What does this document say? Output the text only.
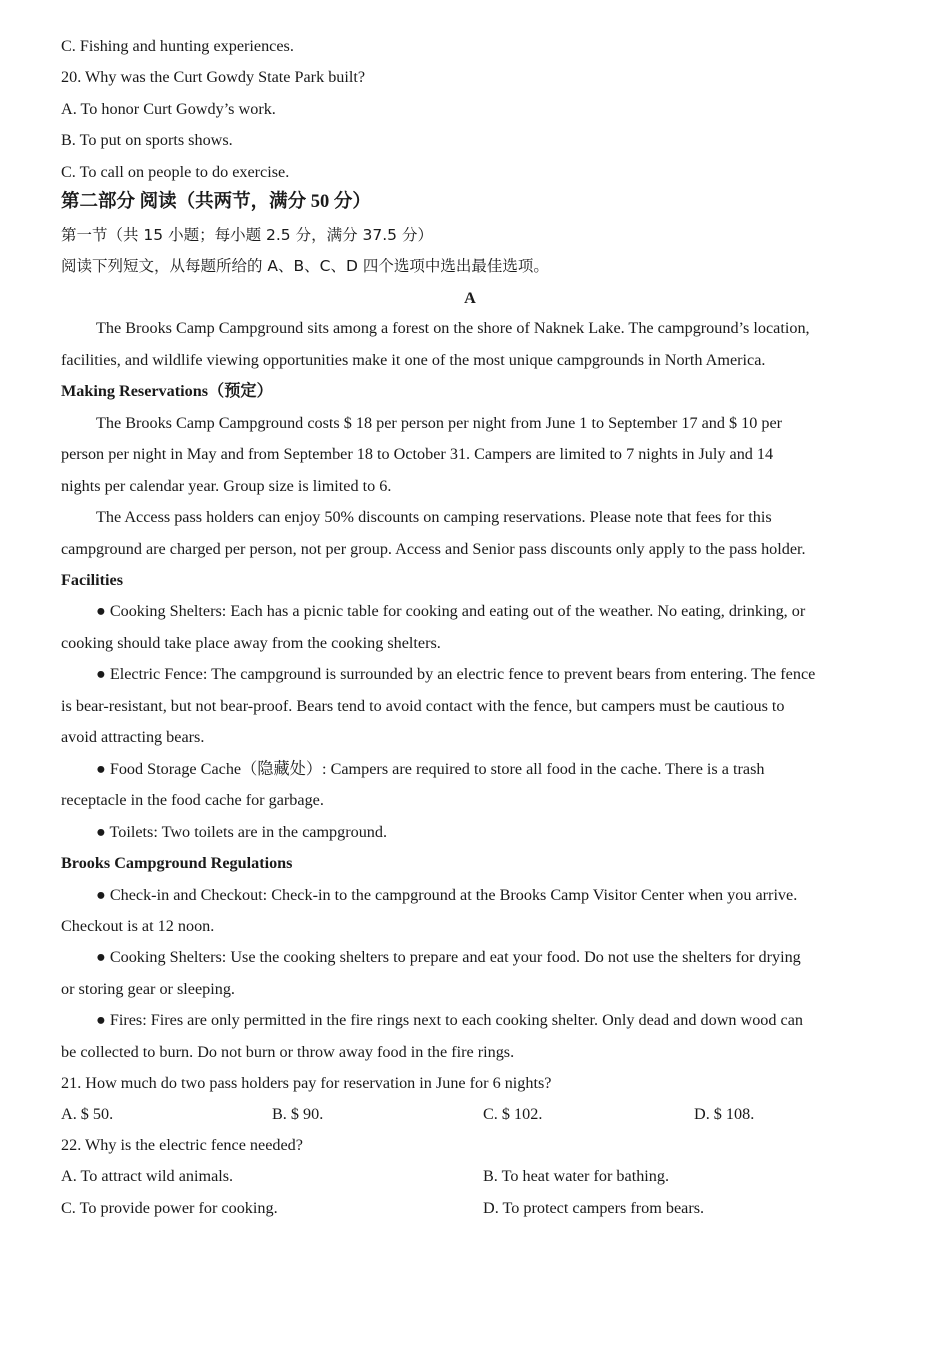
C. Fishing and hunting experiences.
20. Why was the Curt Gowdy State Park built?
A. To honor Curt Gowdy’s work.
B. To put on sports shows.
C. To call on people to do exercise.
第二部分 阅读（共两节，满分 50 分）
第一节（共 15 小题；每小题 2.5 分，满分 37.5 分）
阅读下列短文，从每题所给的 A、B、C、D 四个选项中选出最佳选项。
A
The Brooks Camp Campground sits among a forest on the shore of Naknek Lake. The campground’s location,
facilities, and wildlife viewing opportunities make it one of the most unique campgrounds in North America.
Making Reservations（预定）
The Brooks Camp Campground costs $ 18 per person per night from June 1 to September 17 and $ 10 per
person per night in May and from September 18 to October 31. Campers are limited to 7 nights in July and 14
nights per calendar year. Group size is limited to 6.
The Access pass holders can enjoy 50% discounts on camping reservations. Please note that fees for this
campground are charged per person, not per group. Access and Senior pass discounts only apply to the pass holder.
Facilities
● Cooking Shelters: Each has a picnic table for cooking and eating out of the weather. No eating, drinking, or
cooking should take place away from the cooking shelters.
● Electric Fence: The campground is surrounded by an electric fence to prevent bears from entering. The fence
is bear-resistant, but not bear-proof. Bears tend to avoid contact with the fence, but campers must be cautious to
avoid attracting bears.
● Food Storage Cache（隐藏处）: Campers are required to store all food in the cache. There is a trash
receptacle in the food cache for garbage.
● Toilets: Two toilets are in the campground.
Brooks Campground Regulations
● Check-in and Checkout: Check-in to the campground at the Brooks Camp Visitor Center when you arrive.
Checkout is at 12 noon.
● Cooking Shelters: Use the cooking shelters to prepare and eat your food. Do not use the shelters for drying
or storing gear or sleeping.
● Fires: Fires are only permitted in the fire rings next to each cooking shelter. Only dead and down wood can
be collected to burn. Do not burn or throw away food in the fire rings.
21. How much do two pass holders pay for reservation in June for 6 nights?
A. $ 50.	B. $ 90.	C. $ 102.	D. $ 108.
22. Why is the electric fence needed?
A. To attract wild animals.	B. To heat water for bathing.
C. To provide power for cooking.	D. To protect campers from bears.
